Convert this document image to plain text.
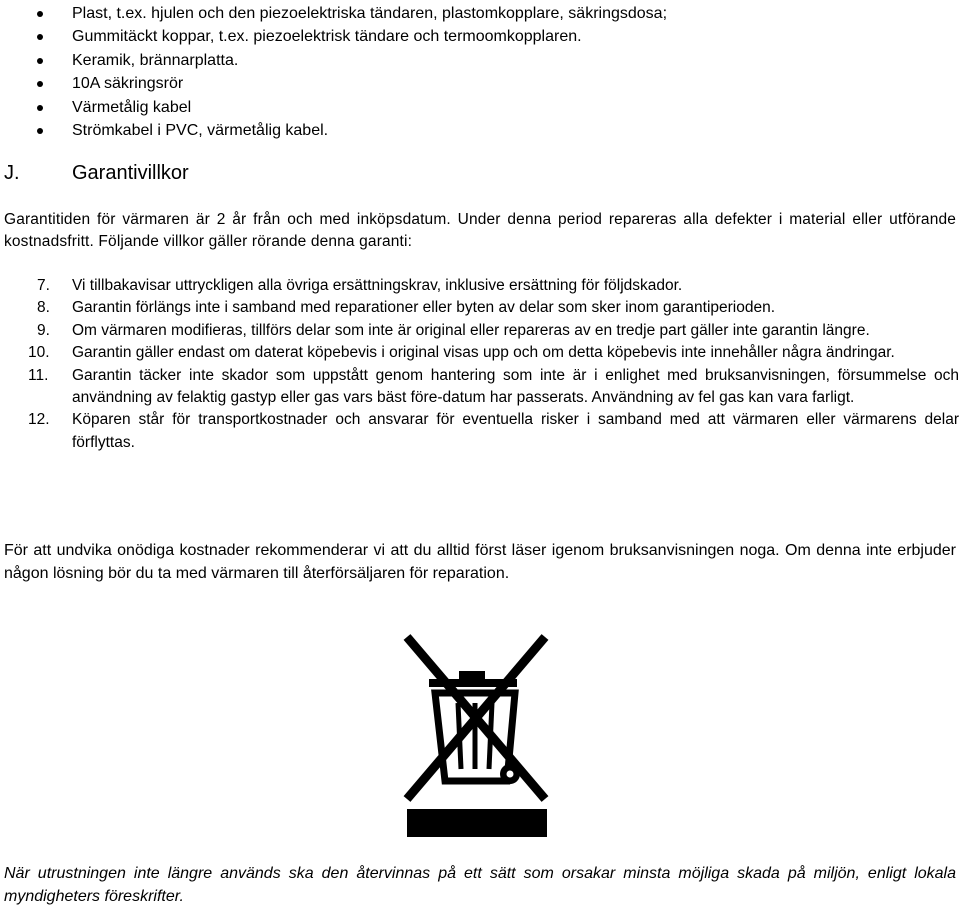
Plast, t.ex. hjulen och den piezoelektriska tändaren, plastomkopplare, säkringsdosa;
Gummitäckt koppar, t.ex. piezoelektrisk tändare och termoomkopplaren.
Keramik, brännarplatta.
10A säkringsrör
Värmetålig kabel
Strömkabel i PVC, värmetålig kabel.
J.	Garantivillkor

Garantitiden för värmaren är 2 år från och med inköpsdatum. Under denna period repareras alla defekter i material eller utförande kostnadsfritt. Följande villkor gäller rörande denna garanti:

7. Vi tillbakavisar uttryckligen alla övriga ersättningskrav, inklusive ersättning för följdskador.
8. Garantin förlängs inte i samband med reparationer eller byten av delar som sker inom garantiperioden.
9. Om värmaren modifieras, tillförs delar som inte är original eller repareras av en tredje part gäller inte garantin längre.
10. Garantin gäller endast om daterat köpebevis i original visas upp och om detta köpebevis inte innehåller några ändringar.
11. Garantin täcker inte skador som uppstått genom hantering som inte är i enlighet med bruksanvisningen, försummelse och användning av felaktig gastyp eller gas vars bäst före-datum har passerats. Användning av fel gas kan vara farligt.
12. Köparen står för transportkostnader och ansvarar för eventuella risker i samband med att värmaren eller värmarens delar förflyttas.

För att undvika onödiga kostnader rekommenderar vi att du alltid först läser igenom bruksanvisningen noga. Om denna inte erbjuder någon lösning bör du ta med värmaren till återförsäljaren för reparation.

När utrustningen inte längre används ska den återvinnas på ett sätt som orsakar minsta möjliga skada på miljön, enligt lokala myndigheters föreskrifter.
